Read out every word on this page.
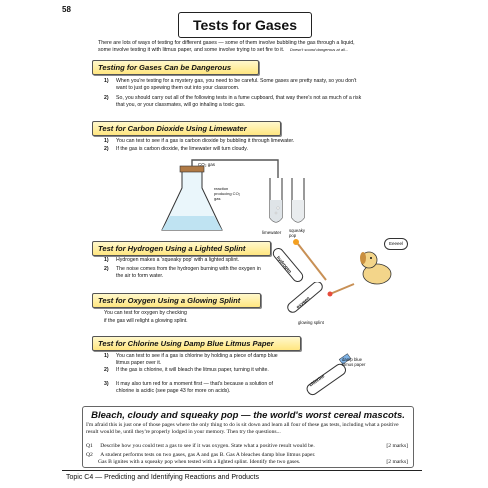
58
Tests for Gases
There are lots of ways of testing for different gases — some of them involve bubbling the gas through a liquid,
some involve testing it with litmus paper, and some involve trying to set fire to it. Doesn't sound dangerous at all...
Testing for Gases Can be Dangerous
1) When you're testing for a mystery gas, you need to be careful. Some gases are pretty nasty, so you don't want to just go spewing them out into your classroom.
2) So, you should carry out all of the following tests in a fume cupboard, that way there's not as much of a risk that you, or your classmates, will go inhaling a toxic gas.
Test for Carbon Dioxide Using Limewater
1) You can test to see if a gas is carbon dioxide by bubbling it through limewater.
2) If the gas is carbon dioxide, the limewater will turn cloudy.
CO₂ gas
reaction producing CO₂ gas
limewater
Test for Hydrogen Using a Lighted Splint
1) Hydrogen makes a 'squeaky pop' with a lighted splint.
2) The noise comes from the hydrogen burning with the oxygen in the air to form water.
squeaky pop
hydrogen
Eeeeel
Test for Oxygen Using a Glowing Splint
You can test for oxygen by checking
if the gas will relight a glowing splint.
oxygen
glowing splint
Test for Chlorine Using Damp Blue Litmus Paper
1) You can test to see if a gas is chlorine by holding a piece of damp blue litmus paper over it.
2) If the gas is chlorine, it will bleach the litmus paper, turning it white.
3) It may also turn red for a moment first — that's because a solution of chlorine is acidic (see page 43 for more on acids).
damp blue litmus paper
chlorine
Bleach, cloudy and squeaky pop — the world's worst cereal mascots.
I'm afraid this is just one of those pages where the only thing to do is sit down and learn all four of these gas tests, including what a positive result would be, until they're properly lodged in your memory. Then try the questions...
Q1 Describe how you could test a gas to see if it was oxygen. State what a positive result would be.	[2 marks]
Q2 A student performs tests on two gases, gas A and gas B. Gas A bleaches damp blue litmus paper.
Gas B ignites with a squeaky pop when tested with a lighted splint. Identify the two gases.	[2 marks]
Topic C4 — Predicting and Identifying Reactions and Products
